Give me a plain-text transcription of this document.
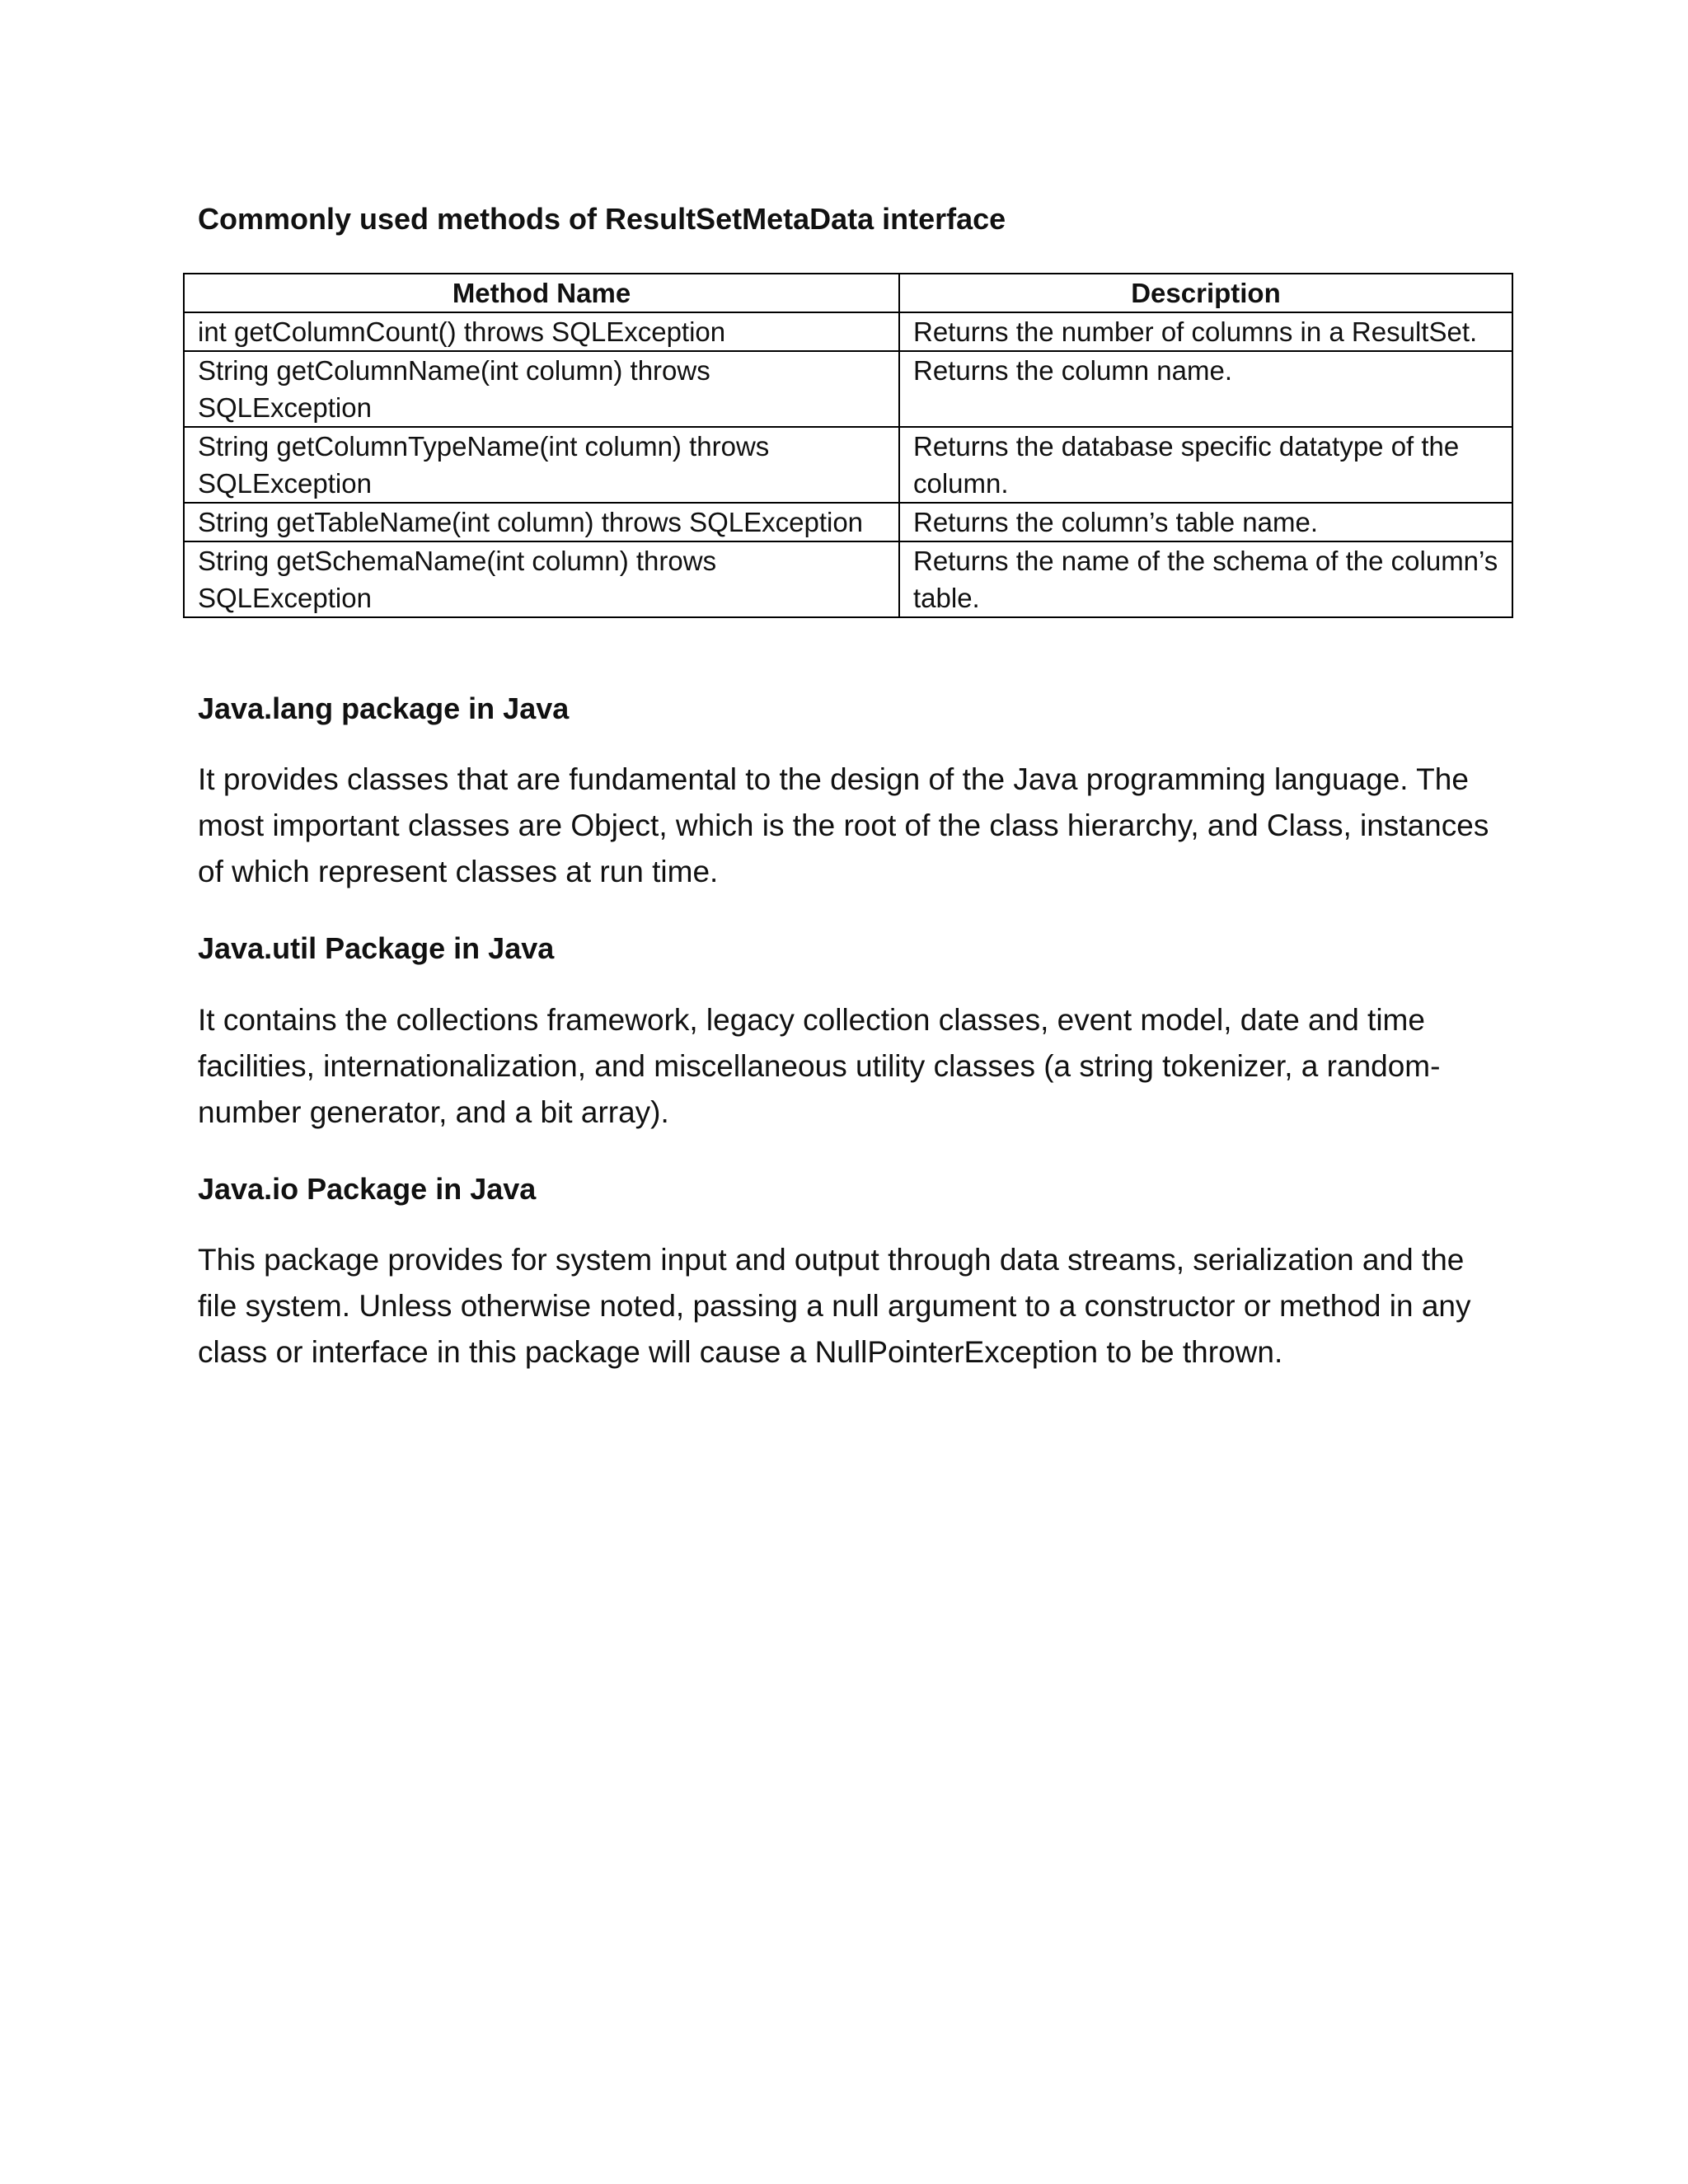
Commonly used methods of ResultSetMetaData interface
Method Name	Description
int getColumnCount() throws SQLException	Returns the number of columns in a ResultSet.
String getColumnName(int column) throws SQLException	Returns the column name.
String getColumnTypeName(int column) throws SQLException	Returns the database specific datatype of the column.
String getTableName(int column) throws SQLException	Returns the column’s table name.
String getSchemaName(int column) throws SQLException	Returns the name of the schema of the column’s table.
Java.lang package in Java

It provides classes that are fundamental to the design of the Java programming language. The most important classes are Object, which is the root of the class hierarchy, and Class, instances of which represent classes at run time.

Java.util Package in Java

It contains the collections framework, legacy collection classes, event model, date and time facilities, internationalization, and miscellaneous utility classes (a string tokenizer, a random-number generator, and a bit array).

Java.io Package in Java

This package provides for system input and output through data streams, serialization and the file system. Unless otherwise noted, passing a null argument to a constructor or method in any class or interface in this package will cause a NullPointerException to be thrown.
